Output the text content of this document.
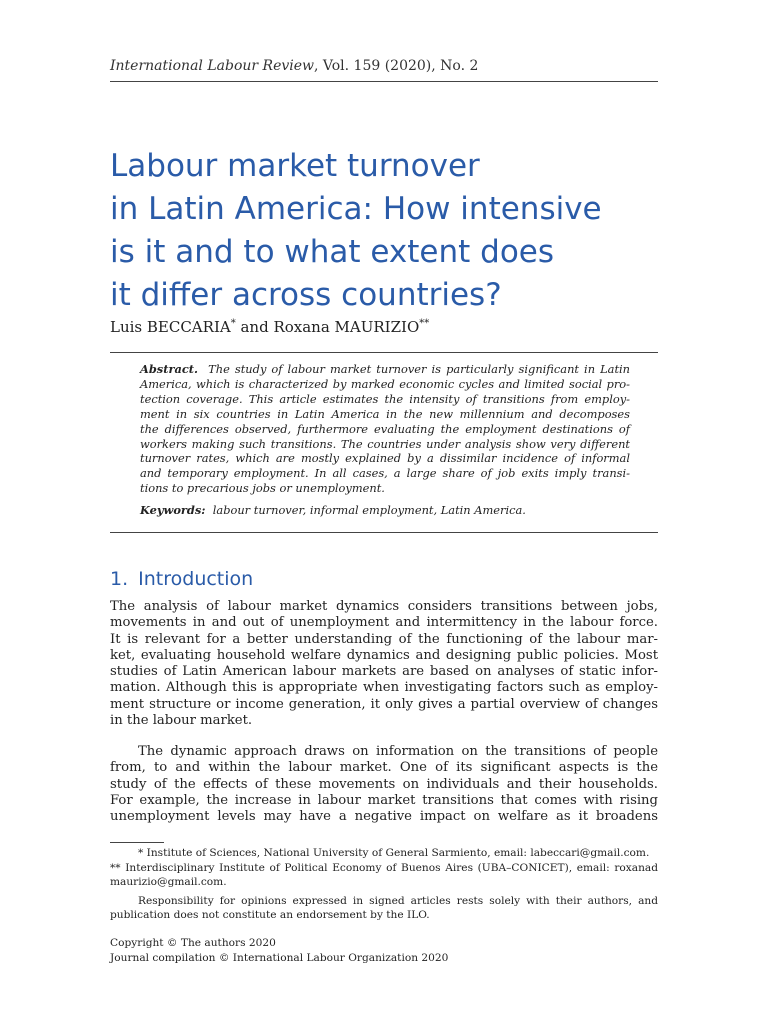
International Labour Review, Vol. 159 (2020), No. 2
Labour market turnover
in Latin America: How intensive
is it and to what extent does
it differ across countries?
Luis BECCARIA* and Roxana MAURIZIO**
Abstract. The study of labour market turnover is particularly significant in Latin
America, which is characterized by marked economic cycles and limited social pro-
tection coverage. This article estimates the intensity of transitions from employ-
ment in six countries in Latin America in the new millennium and decomposes
the differences observed, furthermore evaluating the employment destinations of
workers making such transitions. The countries under analysis show very different
turnover rates, which are mostly explained by a dissimilar incidence of informal
and temporary employment. In all cases, a large share of job exits imply transi-
tions to precarious jobs or unemployment.
Keywords: labour turnover, informal employment, Latin America.
1. Introduction
The analysis of labour market dynamics considers transitions between jobs,
movements in and out of unemployment and intermittency in the labour force.
It is relevant for a better understanding of the functioning of the labour mar-
ket, evaluating household welfare dynamics and designing public policies. Most
studies of Latin American labour markets are based on analyses of static infor-
mation. Although this is appropriate when investigating factors such as employ-
ment structure or income generation, it only gives a partial overview of changes
in the labour market.
The dynamic approach draws on information on the transitions of people
from, to and within the labour market. One of its significant aspects is the
study of the effects of these movements on individuals and their households.
For example, the increase in labour market transitions that comes with rising
unemployment levels may have a negative impact on welfare as it broadens
* Institute of Sciences, National University of General Sarmiento, email: labeccari@gmail.com.
** Interdisciplinary Institute of Political Economy of Buenos Aires (UBA–CONICET), email: roxanad
maurizio@gmail.com.
Responsibility for opinions expressed in signed articles rests solely with their authors, and
publication does not constitute an endorsement by the ILO.
Copyright © The authors 2020
Journal compilation © International Labour Organization 2020
